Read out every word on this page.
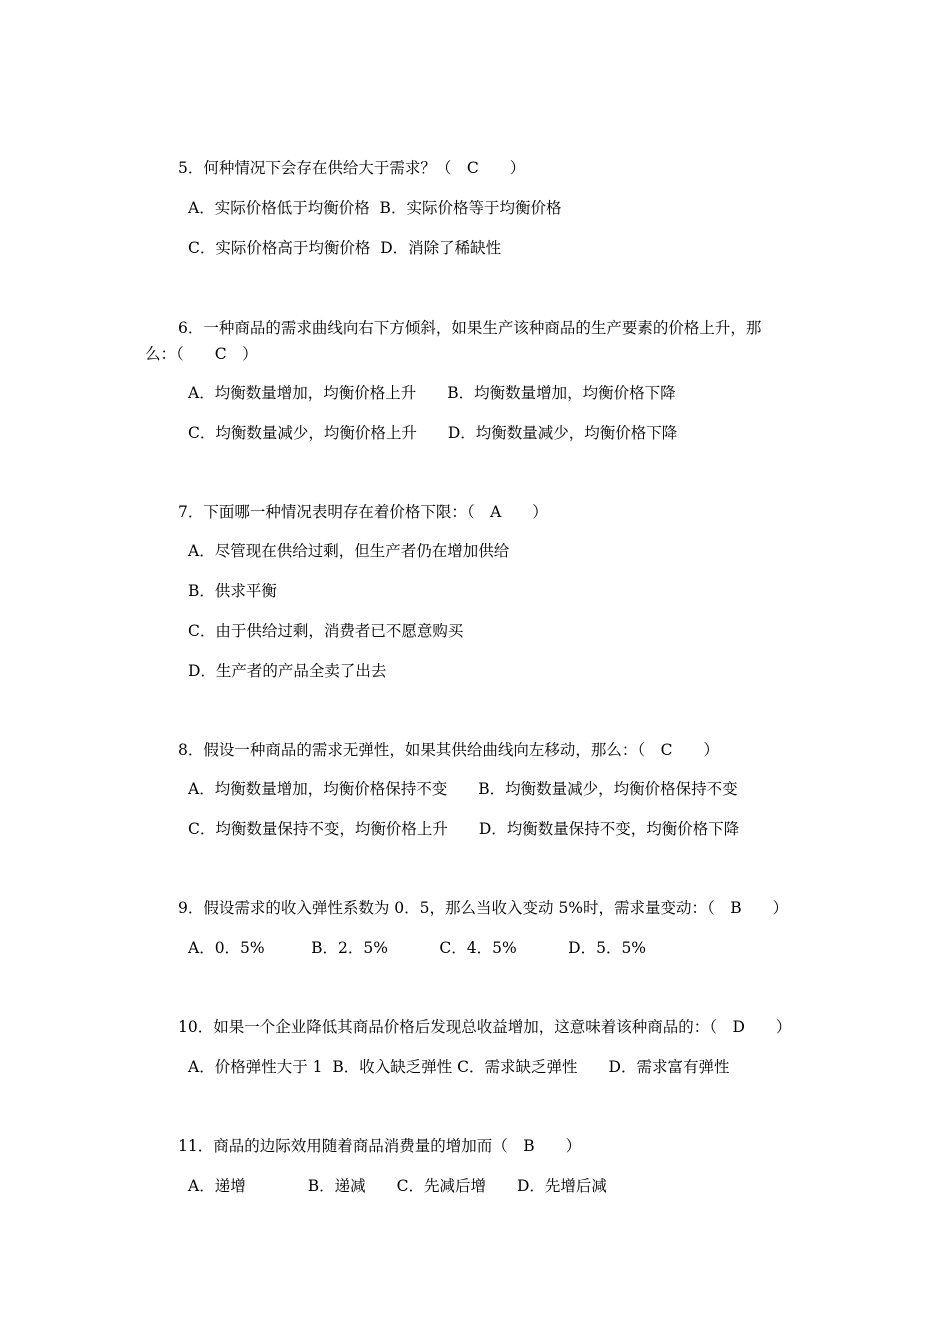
5．何种情况下会存在供给大于需求？（　C　　）
A．实际价格低于均衡价格  B．实际价格等于均衡价格
C．实际价格高于均衡价格  D．消除了稀缺性
6．一种商品的需求曲线向右下方倾斜，如果生产该种商品的生产要素的价格上升，那
么：（　　C　）
A．均衡数量增加，均衡价格上升　　B．均衡数量增加，均衡价格下降
C．均衡数量减少，均衡价格上升　　D．均衡数量减少，均衡价格下降
7．下面哪一种情况表明存在着价格下限：（　A　　）
A．尽管现在供给过剩，但生产者仍在增加供给
B．供求平衡
C．由于供给过剩，消费者已不愿意购买
D．生产者的产品全卖了出去
8．假设一种商品的需求无弹性，如果其供给曲线向左移动，那么：（　C　　）
A．均衡数量增加，均衡价格保持不变　　B．均衡数量减少，均衡价格保持不变
C．均衡数量保持不变，均衡价格上升　　D．均衡数量保持不变，均衡价格下降
9．假设需求的收入弹性系数为 0．5，那么当收入变动 5%时，需求量变动：（　B　　）
A．0．5%　　　B．2．5%　　　 C．4．5%　　　 D．5．5%
10．如果一个企业降低其商品价格后发现总收益增加，这意味着该种商品的：（　D　　）
A．价格弹性大于 1  B．收入缺乏弹性 C．需求缺乏弹性　　D．需求富有弹性
11．商品的边际效用随着商品消费量的增加而（　B　　）
A．递增　　　　B．递减　　C．先减后增　　D．先增后减
